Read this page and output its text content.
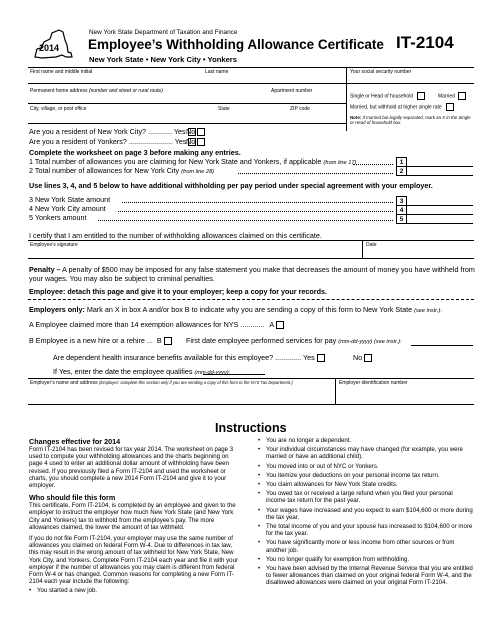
2014
New York State Department of Taxation and Finance
Employee’s Withholding Allowance Certificate
New York State • New York City • Yonkers
IT-2104
First name and middle initial	Last name	Your social security number
Permanent home address (number and street or rural route)	Apartment number
Single or Head of household	Married
Married, but withhold at higher single rate
City, village, or post office	State	ZIP code
Note: If married but legally separated, mark an X in the Single or Head of household box.
Are you a resident of New York City? ............ Yes No
Are you a resident of Yonkers? ...................... Yes No
Complete the worksheet on page 3 before making any entries.
1 Total number of allowances you are claiming for New York State and Yonkers, if applicable (from line 17)	1
2 Total number of allowances for New York City (from line 28)	2
Use lines 3, 4, and 5 below to have additional withholding per pay period under special agreement with your employer.
3 New York State amount	3
4 New York City amount	4
5 Yonkers amount	5
I certify that I am entitled to the number of withholding allowances claimed on this certificate.
Employee’s signature	Date
Penalty – A penalty of $500 may be imposed for any false statement you make that decreases the amount of money you have withheld from your wages. You may also be subject to criminal penalties.
Employee: detach this page and give it to your employer; keep a copy for your records.
Employers only: Mark an X in box A and/or box B to indicate why you are sending a copy of this form to New York State (see instr.):
A Employee claimed more than 14 exemption allowances for NYS ............ A
B Employee is a new hire or a rehire ... B	First date employee performed services for pay (mm-dd-yyyy) (see instr.):
Are dependent health insurance benefits available for this employee? ............. Yes	No
If Yes, enter the date the employee qualifies (mm-dd-yyyy):
Employer’s name and address (Employer: complete this section only if you are sending a copy of this form to the NYS Tax Department.)	Employer identification number
Instructions
Changes effective for 2014
Form IT-2104 has been revised for tax year 2014. The worksheet on page 3 used to compute your withholding allowances and the charts beginning on page 4 used to enter an additional dollar amount of withholding have been revised. If you previously filed a Form IT-2104 and used the worksheet or charts, you should complete a new 2014 Form IT-2104 and give it to your employer.
Who should file this form
This certificate, Form IT-2104, is completed by an employee and given to the employer to instruct the employer how much New York State (and New York City and Yonkers) tax to withhold from the employee’s pay. The more allowances claimed, the lower the amount of tax withheld.
If you do not file Form IT-2104, your employer may use the same number of allowances you claimed on federal Form W-4. Due to differences in tax law, this may result in the wrong amount of tax withheld for New York State, New York City, and Yonkers. Complete Form IT-2104 each year and file it with your employer if the number of allowances you may claim is different from federal Form W-4 or has changed. Common reasons for completing a new Form IT-2104 each year include the following:
• You started a new job.
• You are no longer a dependent.
• Your individual circumstances may have changed (for example, you were married or have an additional child).
• You moved into or out of NYC or Yonkers.
• You itemize your deductions on your personal income tax return.
• You claim allowances for New York State credits.
• You owed tax or received a large refund when you filed your personal income tax return for the past year.
• Your wages have increased and you expect to earn $104,600 or more during the tax year.
• The total income of you and your spouse has increased to $104,600 or more for the tax year.
• You have significantly more or less income from other sources or from another job.
• You no longer qualify for exemption from withholding.
• You have been advised by the Internal Revenue Service that you are entitled to fewer allowances than claimed on your original federal Form W-4, and the disallowed allowances were claimed on your original Form IT-2104.
